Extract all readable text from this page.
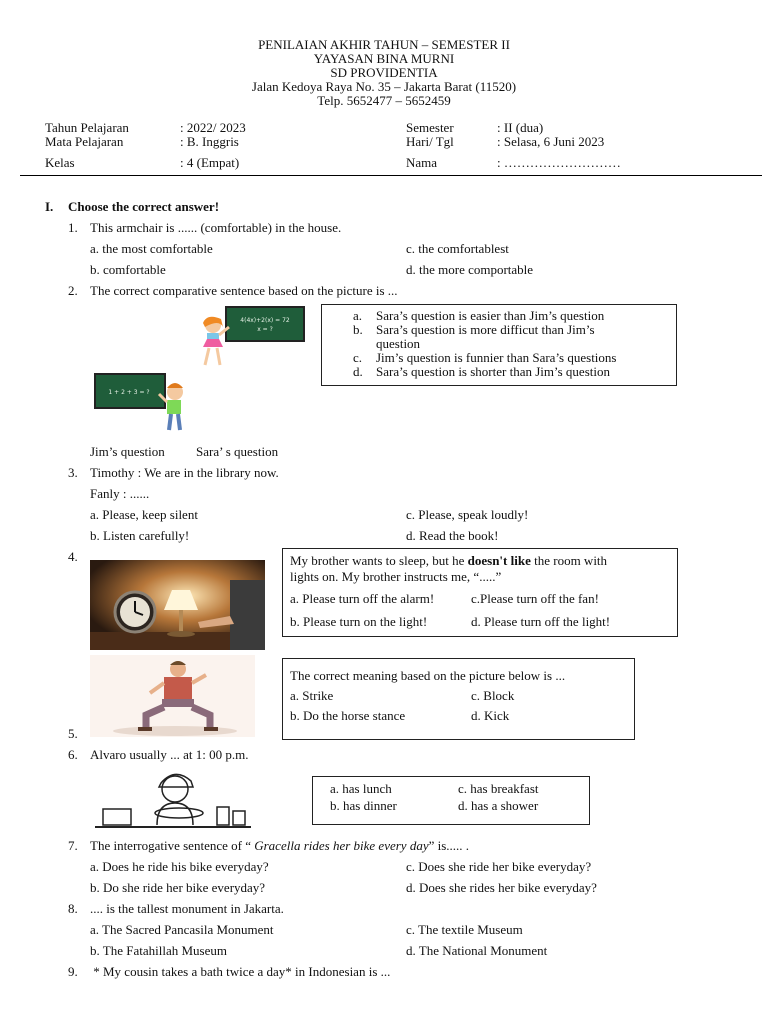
PENILAIAN AKHIR TAHUN – SEMESTER II
YAYASAN BINA MURNI
SD PROVIDENTIA
Jalan Kedoya Raya No. 35 – Jakarta Barat (11520)
Telp. 5652477 – 5652459
Tahun Pelajaran	: 2022/ 2023
Mata Pelajaran	: B. Inggris
Kelas	: 4 (Empat)
Semester	: II (dua)
Hari/ Tgl	: Selasa, 6 Juni 2023
Nama	: ………………………
I. Choose the correct answer!
1. This armchair is ...... (comfortable) in the house.
a. the most comfortable
b. comfortable
c. the comfortablest
d. the more comportable
2. The correct comparative sentence based on the picture is ...
4(4x)+2(x) = 72
x = ?
1 + 2 + 3 = ?
a. Sara’s question is easier than Jim’s question
b. Sara’s question is more difficut than Jim’s
question
c. Jim’s question is funnier than Sara’s questions
d. Sara’s question is shorter than Jim’s question
Jim’s question Sara’ s question
3. Timothy : We are in the library now.
Fanly : ......
a. Please, keep silent
b. Listen carefully!
c. Please, speak loudly!
d. Read the book!
4.	My brother wants to sleep, but he doesn't like the room with
lights on. My brother instructs me, “.....”
a. Please turn off the alarm!	c.Please turn off the fan!
b. Please turn on the light!	d. Please turn off the light!
The correct meaning based on the picture below is ...
a. Strike	c. Block
b. Do the horse stance	d. Kick
5.
6. Alvaro usually ... at 1: 00 p.m.
a. has lunch	c. has breakfast
b. has dinner	d. has a shower
7. The interrogative sentence of “ Gracella rides her bike every day” is..... .
a. Does he ride his bike everyday?
b. Do she ride her bike everyday?
c. Does she ride her bike everyday?
d. Does she rides her bike everyday?
8. .... is the tallest monument in Jakarta.
a. The Sacred Pancasila Monument
b. The Fatahillah Museum
c. The textile Museum
d. The National Monument
9. * My cousin takes a bath twice a day* in Indonesian is ...
